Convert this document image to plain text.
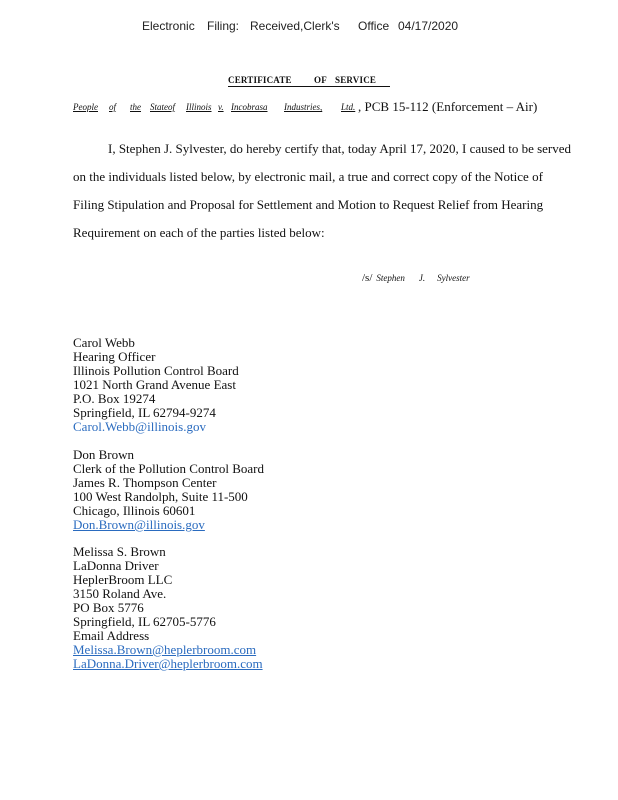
Electronic Filing: Received,Clerk's Office 04/17/2020
CERTIFICATE OF SERVICE
People of the State of Illinois v. Incobrasa Industries, Ltd. , PCB 15-112 (Enforcement – Air)
I, Stephen J. Sylvester, do hereby certify that, today April 17, 2020, I caused to be served
on the individuals listed below, by electronic mail, a true and correct copy of the Notice of
Filing Stipulation and Proposal for Settlement and Motion to Request Relief from Hearing
Requirement on each of the parties listed below:
/s/ Stephen J. Sylvester
Carol Webb
Hearing Officer
Illinois Pollution Control Board
1021 North Grand Avenue East
P.O. Box 19274
Springfield, IL 62794-9274
Carol.Webb@illinois.gov
Don Brown
Clerk of the Pollution Control Board
James R. Thompson Center
100 West Randolph, Suite 11-500
Chicago, Illinois 60601
Don.Brown@illinois.gov
Melissa S. Brown
LaDonna Driver
HeplerBroom LLC
3150 Roland Ave.
PO Box 5776
Springfield, IL 62705-5776
Email Address
Melissa.Brown@heplerbroom.com
LaDonna.Driver@heplerbroom.com
